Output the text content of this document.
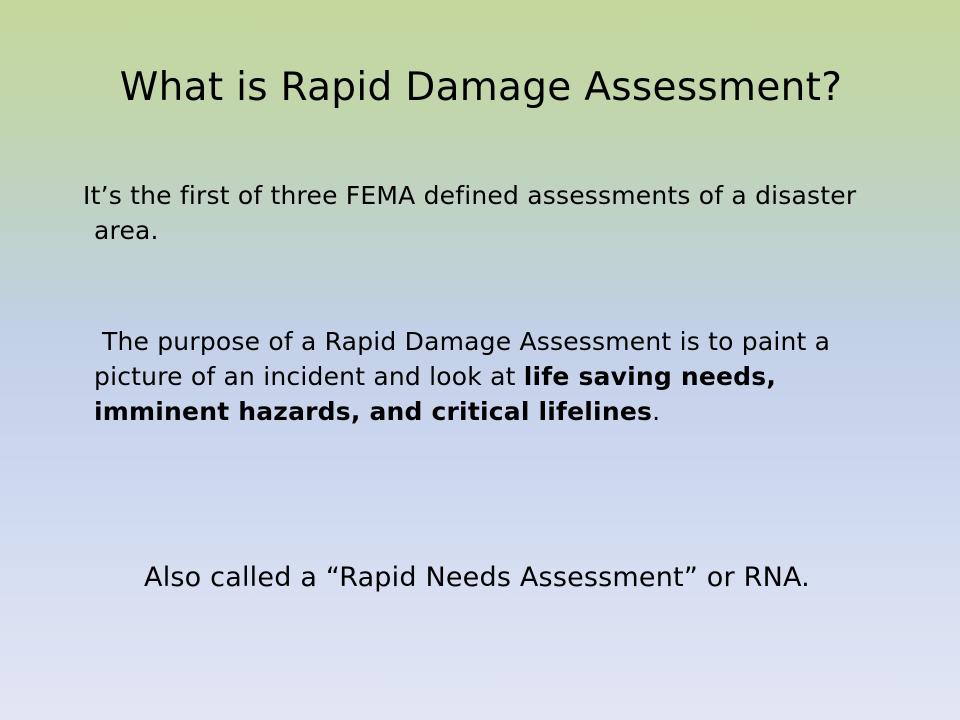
What is Rapid Damage Assessment?

It’s the first of three FEMA defined assessments of a disaster area.

The purpose of a Rapid Damage Assessment is to paint a picture of an incident and look at life saving needs, imminent hazards, and critical lifelines.

Also called a “Rapid Needs Assessment” or RNA.
